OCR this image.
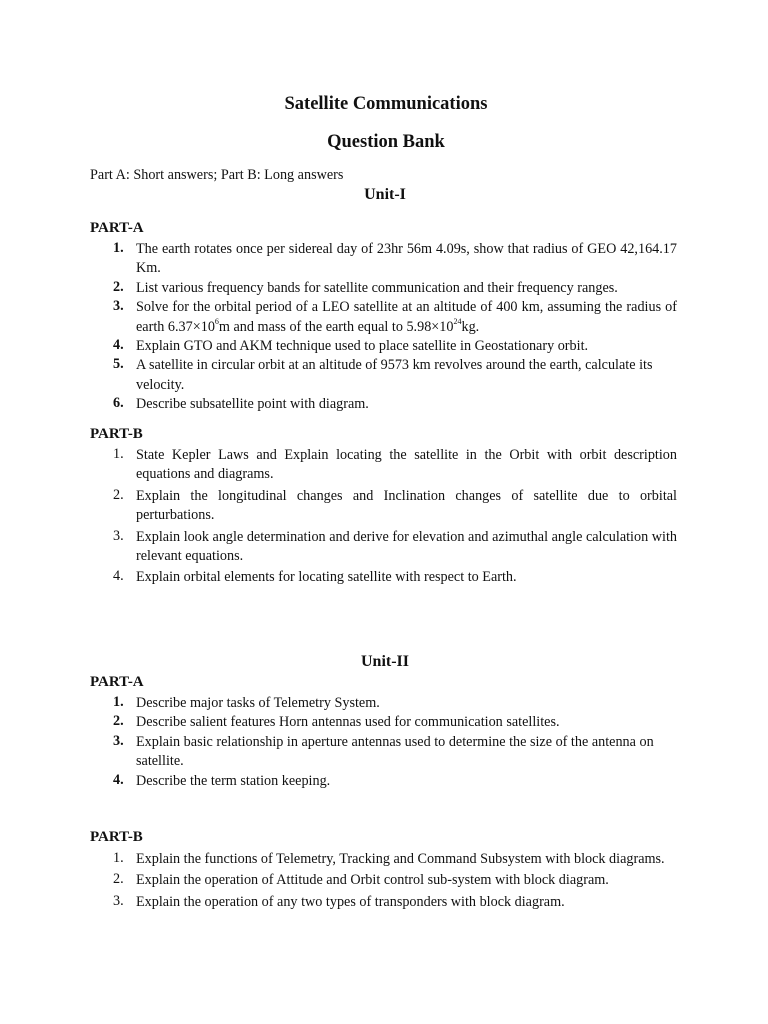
Satellite Communications
Question Bank
Part A: Short answers; Part B: Long answers
Unit-I
PART-A
1. The earth rotates once per sidereal day of 23hr 56m 4.09s, show that radius of GEO 42,164.17 Km.
2. List various frequency bands for satellite communication and their frequency ranges.
3. Solve for the orbital period of a LEO satellite at an altitude of 400 km, assuming the radius of earth $6.37\times 10^6m$ and mass of the earth equal to $5.98\times 10^{24}kg$.
4. Explain GTO and AKM technique used to place satellite in Geostationary orbit.
5. A satellite in circular orbit at an altitude of 9573 km revolves around the earth, calculate its velocity.
6. Describe subsatellite point with diagram.
PART-B
1. State Kepler Laws and Explain locating the satellite in the Orbit with orbit description equations and diagrams.
2. Explain the longitudinal changes and Inclination changes of satellite due to orbital perturbations.
3. Explain look angle determination and derive for elevation and azimuthal angle calculation with relevant equations.
4. Explain orbital elements for locating satellite with respect to Earth.
Unit-II
PART-A
1. Describe major tasks of Telemetry System.
2. Describe salient features Horn antennas used for communication satellites.
3. Explain basic relationship in aperture antennas used to determine the size of the antenna on satellite.
4. Describe the term station keeping.
PART-B
1. Explain the functions of Telemetry, Tracking and Command Subsystem with block diagrams.
2. Explain the operation of Attitude and Orbit control sub-system with block diagram.
3. Explain the operation of any two types of transponders with block diagram.
